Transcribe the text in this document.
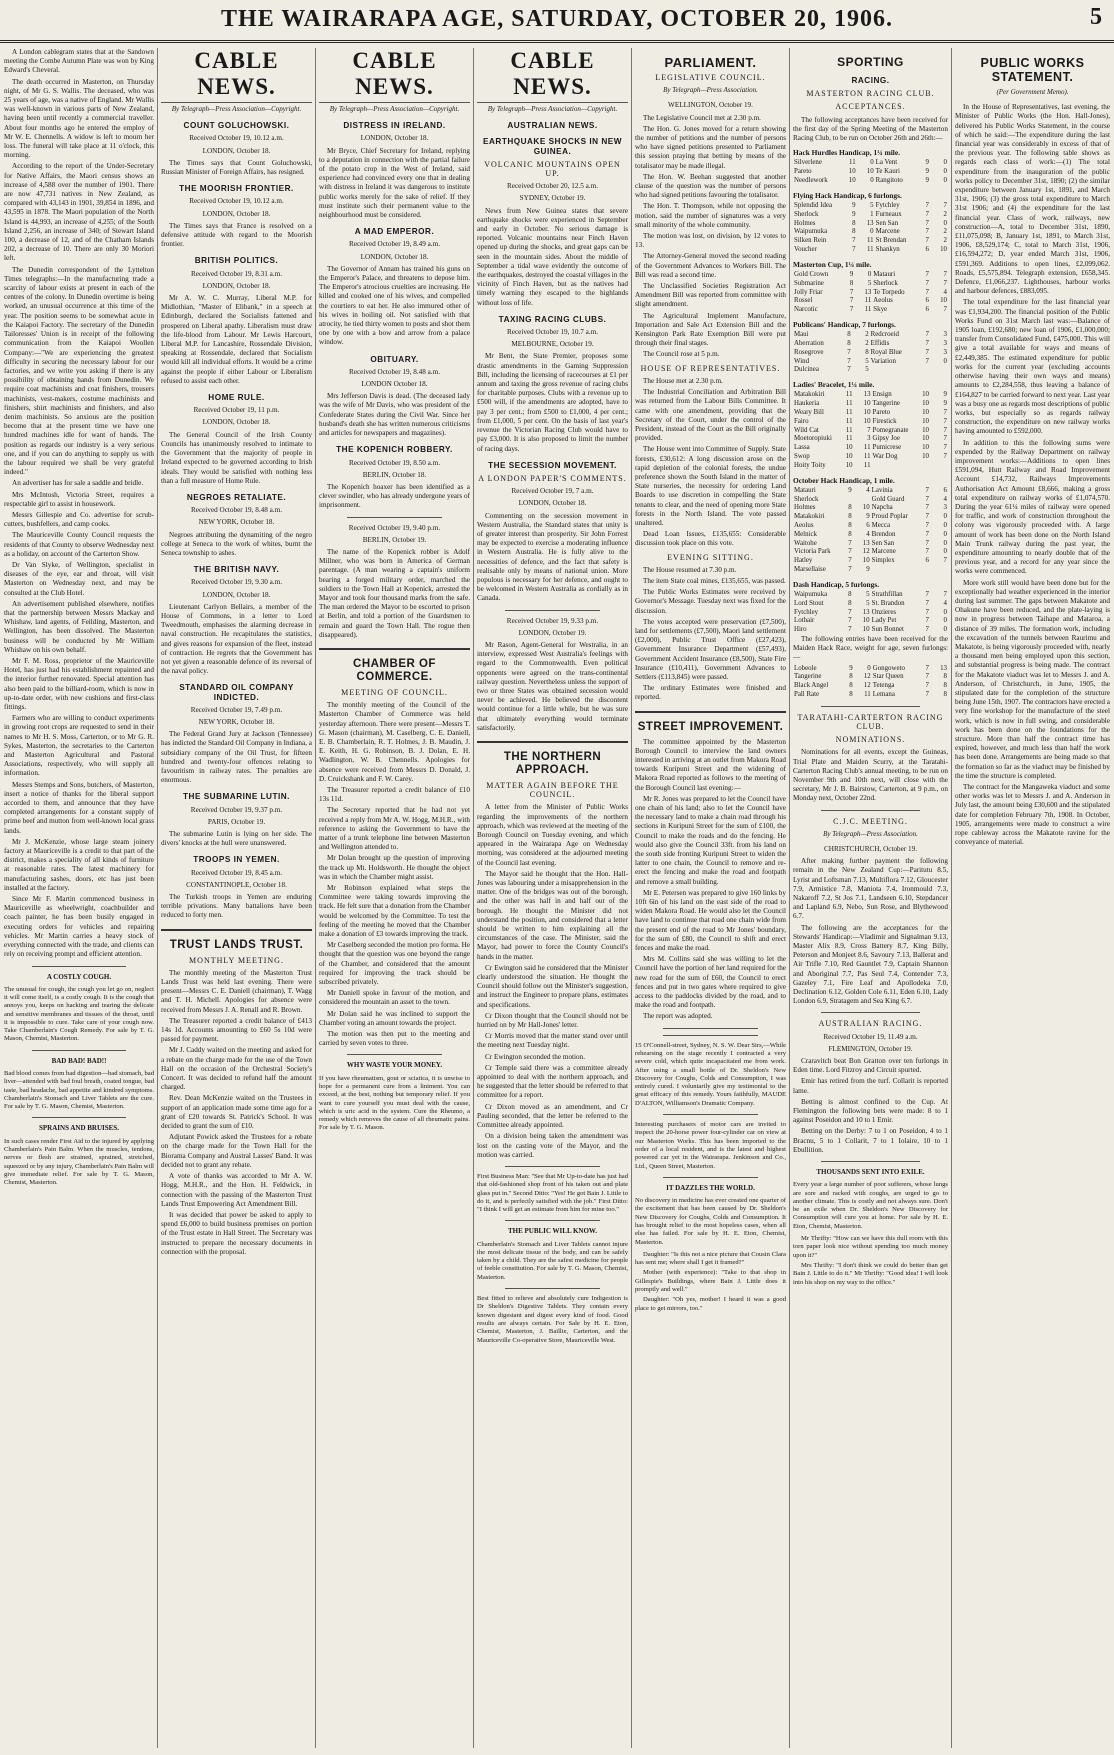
THE WAIRARAPA AGE, SATURDAY, OCTOBER 20, 1906.	5

A London cablegram states that at the Sandown meeting the Combe Autumn Plate was won by King Edward's Cheveral.

The death occurred in Masterton, on Thursday night, of Mr G. S. Wallis. The deceased, who was 25 years of age, was a native of England. Mr Wallis was well-known in various parts of New Zealand, having been until recently a commercial traveller. About four months ago he entered the employ of Mr W. E. Chennells. A widow is left to mourn her loss. The funeral will take place at 11 o'clock, this morning.

According to the report of the Under-Secretary for Native Affairs, the Maori census shows an increase of 4,588 over the number of 1901. There are now 47,731 natives in New Zealand, as compared with 43,143 in 1901, 39,854 in 1896, and 43,595 in 1878. The Maori population of the North Island is 44,993, an increase of 4,255; of the South Island 2,256, an increase of 340; of Stewart Island 100, a decrease of 12, and of the Chatham Islands 202, a decrease of 10. There are only 30 Moriori left.

The Dunedin correspondent of the Lyttelton Times telegraphs:—In the manufacturing trade a scarcity of labour exists at present in each of the centres of the colony. In Dunedin overtime is being worked, an unusual occurrence at this time of the year. The position seems to be somewhat acute in the Kaiapoi Factory. The secretary of the Dunedin Tailoresses' Union is in receipt of the following communication from the Kaiapoi Woollen Company:—"We are experiencing the greatest difficulty in securing the necessary labour for our factories, and we write you asking if there is any possibility of obtaining hands from Dunedin. We require coat machinists and coat finishers, trousers machinists, vest-makers, costume machinists and finishers, shirt machinists and finishers, and also denim machinists. So anxious are the position become that at the present time we have one hundred machines idle for want of hands. The position as regards our industry is a very serious one, and if you can do anything to supply us with the labour required we shall be very grateful indeed."

An advertiser has for sale a saddle and bridle.

Mrs McIntosh, Victoria Street, requires a respectable girl to assist in housework.

Messrs Gillespie and Co. advertise for scrub-cutters, bushfellers, and camp cooks.

The Mauriceville County Council requests the residents of that County to observe Wednesday next as a holiday, on account of the Carterton Show.

Dr Van Slyke, of Wellington, specialist in diseases of the eye, ear and throat, will visit Masterton on Wednesday next, and may be consulted at the Club Hotel.

An advertisement published elsewhere, notifies that the partnership between Messrs Mackay and Whishaw, land agents, of Feilding, Masterton, and Wellington, has been dissolved. The Masterton business will be conducted by Mr William Whishaw on his own behalf.

Mr F. M. Ross, proprietor of the Mauriceville Hotel, has just had his establishment repainted and the interior further renovated. Special attention has also been paid to the billiard-room, which is now in up-to-date order, with new cushions and first-class fittings.

Farmers who are willing to conduct experiments in growing root crops are requested to send in their names to Mr H. S. Moss, Carterton, or to Mr G. R. Sykes, Masterton, the secretaries to the Carterton and Masterton Agricultural and Pastoral Associations, respectively, who will supply all information.

Messrs Stemps and Sons, butchers, of Masterton, insert a notice of thanks for the liberal support accorded to them, and announce that they have completed arrangements for a constant supply of prime beef and mutton from well-known local grass lands.

Mr J. McKenzie, whose large steam joinery factory at Mauriceville is a credit to that part of the district, makes a speciality of all kinds of furniture at reasonable rates. The latest machinery for manufacturing sashes, doors, etc has just been installed at the factory.

Since Mr F. Martin commenced business in Mauriceville as wheelwright, coachbuilder and coach painter, he has been busily engaged in executing orders for vehicles and repairing vehicles. Mr Martin carries a heavy stock of everything connected with the trade, and clients can rely on receiving prompt and efficient attention.

A COSTLY COUGH.
The unusual for cough, the cough you let go on, neglect it will come itself, is a costly cough. It is the cough that annoys you, keeps on hacking and tearing the delicate and sensitive membranes and tissues of the throat, until it is impossible to cure. Take care of your cough now. Take Chamberlain's Cough Remedy. For sale by T. G. Mason, Chemist, Masterton.
BAD BAD! BAD!!
Bad blood comes from bad digestion—bad stomach, bad liver—attended with bad foul breath, coated tongue, bad taste, bad headache, bad appetite and kindred symptoms. Chamberlain's Stomach and Liver Tablets are the cure. For sale by T. G. Mason, Chemist, Masterton.
SPRAINS AND BRUISES.
In such cases render First Aid to the injured by applying Chamberlain's Pain Balm. When the muscles, tendons, nerves or flesh are strained, sprained, stretched, squeezed or by any injury, Chamberlain's Pain Balm will give immediate relief. For sale by T. G. Mason, Chemist, Masterton.
CABLE NEWS.
By Telegraph—Press Association—Copyright.
COUNT GOLUCHOWSKI.
Received October 19, 10.12 a.m.
LONDON, October 18.

The Times says that Count Goluchowski, Russian Minister of Foreign Affairs, has resigned.

THE MOORISH FRONTIER.
Received October 19, 10.12 a.m.
LONDON, October 18.

The Times says that France is resolved on a defensive attitude with regard to the Moorish frontier.

BRITISH POLITICS.
Received October 19, 8.31 a.m.
LONDON, October 18.

Mr A. W. C. Murray, Liberal M.P. for Midlothian, "Master of Elibank," in a speech at Edinburgh, declared the Socialists fattened and prospered on Liberal apathy. Liberalism must draw the life-blood from Labour. Mr Lewis Harcourt, Liberal M.P. for Lancashire, Rossendale Division, speaking at Rossendale, declared that Socialism would kill all individual efforts. It would be a crime against the people if either Labour or Liberalism refused to assist each other.

HOME RULE.
Received October 19, 11 p.m.
LONDON, October 18.

The General Council of the Irish County Councils has unanimously resolved to intimate to the Government that the majority of people in Ireland expected to be governed according to Irish ideals. They would be satisfied with nothing less than a full measure of Home Rule.

NEGROES RETALIATE.
Received October 19, 8.48 a.m.
NEW YORK, October 18.

Negroes attributing the dynamiting of the negro college at Seneca to the work of whites, burnt the Seneca township to ashes.

THE BRITISH NAVY.
Received October 19, 9.30 a.m.
LONDON, October 18.

Lieutenant Carlyon Bellairs, a member of the House of Commons, in a letter to Lord Tweedmouth, emphasises the alarming decrease in naval construction. He recapitulates the statistics, and gives reasons for expansion of the fleet, instead of contraction. He regrets that the Government has not yet given a reasonable defence of its reversal of the naval policy.

STANDARD OIL COMPANY INDICTED.
Received October 19, 7.49 p.m.
NEW YORK, October 18.

The Federal Grand Jury at Jackson (Tennessee) has indicted the Standard Oil Company in Indiana, a subsidiary company of the Oil Trust, for fifteen hundred and twenty-four offences relating to favouritism in railway rates. The penalties are enormous.

THE SUBMARINE LUTIN.
Received October 19, 9.37 p.m.
PARIS, October 19.

The submarine Lutin is lying on her side. The divers' knocks at the hull were unanswered.

TROOPS IN YEMEN.
Received October 19, 8.45 a.m.
CONSTANTINOPLE, October 18.

The Turkish troops in Yemen are enduring terrible privations. Many battalions have been reduced to forty men.

TRUST LANDS TRUST.
MONTHLY MEETING.

The monthly meeting of the Masterton Trust Lands Trust was held last evening. There were present—Messrs C. E. Daniell (chairman), T. Wagg and T. H. Michell. Apologies for absence were received from Messrs J. A. Renall and R. Brown.

The Treasurer reported a credit balance of £413 14s 1d. Accounts amounting to £60 5s 10d were passed for payment.

Mr J. Caddy waited on the meeting and asked for a rebate on the charge made for the use of the Town Hall on the occasion of the Orchestral Society's Concert. It was decided to refund half the amount charged.

Rev. Dean McKenzie waited on the Trustees in support of an application made some time ago for a grant of £20 towards St. Patrick's School. It was decided to grant the sum of £10.

Adjutant Powick asked the Trustees for a rebate on the charge made for the Town Hall for the Biorama Company and Austral Lasses' Band. It was decided not to grant any rebate.

A vote of thanks was accorded to Mr A. W. Hogg, M.H.R., and the Hon. H. Feldwick, in connection with the passing of the Masterton Trust Lands Trust Empowering Act Amendment Bill.

It was decided that power be asked to apply to spend £6,000 to build business premises on portion of the Trust estate in Hall Street. The Secretary was instructed to prepare the necessary documents in connection with the proposal.

CABLE NEWS.
By Telegraph—Press Association—Copyright.
DISTRESS IN IRELAND.
LONDON, October 18.

Mr Bryce, Chief Secretary for Ireland, replying to a deputation in connection with the partial failure of the potato crop in the West of Ireland, said experience had convinced every one that in dealing with distress in Ireland it was dangerous to institute public works merely for the sake of relief. If they must institute such their permanent value to the neighbourhood must be considered.

A MAD EMPEROR.
Received October 19, 8.49 a.m.
LONDON, October 18.

The Governor of Annam has trained his guns on the Emperor's Palace, and threatens to depose him. The Emperor's atrocious cruelties are increasing. He killed and cooked one of his wives, and compelled the courtiers to eat her. He also immured other of his wives in boiling oil. Not satisfied with that atrocity, he tied thirty women to posts and shot them one by one with a bow and arrow from a palace window.

OBITUARY.
Received October 19, 8.48 a.m.
LONDON October 18.

Mrs Jefferson Davis is dead. (The deceased lady was the wife of Mr Davis, who was president of the Confederate States during the Civil War. Since her husband's death she has written numerous criticisms and articles for newspapers and magazines).

THE KOPENICH ROBBERY.
Received October 19, 8.50 a.m.
BERLIN, October 18.

The Kopenich hoaxer has been identified as a clever swindler, who has already undergone years of imprisonment.

Received October 19, 9.40 p.m.
BERLIN, October 19.

The name of the Kopenick robber is Adolf Millner, who was born in America of German parentage. (A man wearing a captain's uniform bearing a forged military order, marched the soldiers to the Town Hall at Kopenick, arrested the Mayor and took four thousand marks from the safe. The man ordered the Mayor to be escorted to prison at Berlin, and told a portion of the Guardsmen to remain and guard the Town Hall. The rogue then disappeared).

CHAMBER OF COMMERCE.
MEETING OF COUNCIL.

The monthly meeting of the Council of the Masterton Chamber of Commerce was held yesterday afternoon. There were present—Messrs T. G. Mason (chairman), M. Caselberg, C. E. Daniell, E. B. Chamberlain, R. T. Holmes, J. B. Maudin, J. E. Keith, H. G. Robinson, B. J. Dolan, E. H. Wadlington, W. B. Chennells. Apologies for absence were received from Messrs D. Donald, J. D. Cruickshank and F. W. Carey.

The Treasurer reported a credit balance of £10 13s 11d.

The Secretary reported that he had not yet received a reply from Mr A. W. Hogg, M.H.R., with reference to asking the Government to have the matter of a trunk telephone line between Masterton and Wellington attended to.

Mr Dolan brought up the question of improving the track up Mt. Holdsworth. He thought the object was in which the Chamber might assist.

Mr Robinson explained what steps the Committee were taking towards improving the track. He felt sure that a donation from the Chamber would be welcomed by the Committee. To test the feeling of the meeting he moved that the Chamber make a donation of £3 towards improving the track.

Mr Caselberg seconded the motion pro forma. He thought that the question was one beyond the range of the Chamber, and considered that the amount required for improving the track should be subscribed privately.

Mr Daniell spoke in favour of the motion, and considered the mountain an asset to the town.

Mr Dolan said he was inclined to support the Chamber voting an amount towards the project.

The motion was then put to the meeting and carried by seven votes to three.

WHY WASTE YOUR MONEY.
If you have rheumatism, gout or sciatica, it is unwise to hope for a permanent cure from a liniment. You can exceed, at the best, nothing but temporary relief. If you want to cure yourself you must deal with the cause, which is uric acid in the system. Cure the Rheumo, a remedy which removes the cause of all rheumatic pains. For sale by T. G. Mason.
CABLE NEWS.
By Telegraph—Press Association—Copyright.
AUSTRALIAN NEWS.
EARTHQUAKE SHOCKS IN NEW GUINEA.
VOLCANIC MOUNTAINS OPEN UP.
Received October 20, 12.5 a.m.
SYDNEY, October 19.

News from New Guinea states that severe earthquake shocks were experienced in September and early in October. No serious damage is reported. Volcanic mountains near Finch Haven opened up during the shocks, and great gaps can be seen in the mountain sides. About the middle of September a tidal wave evidently the outcome of the earthquakes, destroyed the coastal villages in the vicinity of Finch Haven, but as the natives had timely warning they escaped to the highlands without loss of life.

TAXING RACING CLUBS.
Received October 19, 10.7 a.m.
MELBOURNE, October 19.

Mr Bent, the State Premier, proposes some drastic amendments in the Gaming Suppression Bill, including the licensing of racecourses at £1 per annum and taxing the gross revenue of racing clubs for charitable purposes. Clubs with a revenue up to £500 will, if the amendments are adopted, have to pay 3 per cent.; from £500 to £1,000, 4 per cent.; from £1,000, 5 per cent. On the basis of last year's revenue the Victorian Racing Club would have to pay £3,000. It is also proposed to limit the number of racing days.

THE SECESSION MOVEMENT.
A LONDON PAPER'S COMMENTS.
Received October 19, 7 a.m.
LONDON, October 18.

Commenting on the secession movement in Western Australia, the Standard states that unity is of greater interest than prosperity. Sir John Forrest may be expected to exercise a moderating influence in Western Australia. He is fully alive to the necessities of defence, and the fact that safety is realisable only by means of national union. More populous is necessary for her defence, and ought to be welcomed in Western Australia as cordially as in Canada.

Received October 19, 9.33 p.m.
LONDON, October 19.

Mr Rason, Agent-General for Westralia, in an interview, expressed West Australia's feelings with regard to the Commonwealth. Even political opponents were agreed on the trans-continental railway question. Nevertheless unless the support of two or three States was obtained secession would never be achieved. He believed the discontent would continue for a little while, but he was sure that ultimately everything would terminate satisfactorily.

THE NORTHERN APPROACH.
MATTER AGAIN BEFORE THE COUNCIL.

A letter from the Minister of Public Works regarding the improvements of the northern approach, which was reviewed at the meeting of the Borough Council on Tuesday evening, and which appeared in the Wairarapa Age on Wednesday morning, was considered at the adjourned meeting of the Council last evening.

The Mayor said he thought that the Hon. Hall-Jones was labouring under a misapprehension in the matter. One of the bridges was out of the borough, and the other was half in and half out of the borough. He thought the Minister did not understand the position, and considered that a letter should be written to him explaining all the circumstances of the case. The Minister, said the Mayor, had power to force the County Council's hands in the matter.

Cr Ewington said he considered that the Minister clearly understood the situation. He thought the Council should follow out the Minister's suggestion, and instruct the Engineer to prepare plans, estimates and specifications.

Cr Dixon thought that the Council should not be hurried on by Mr Hall-Jones' letter.

Cr Morris moved that the matter stand over until the meeting next Tuesday night.

Cr Ewington seconded the motion.

Cr Temple said there was a committee already appointed to deal with the northern approach, and he suggested that the letter should be referred to that committee for a report.

Cr Dixon moved as an amendment, and Cr Pauling seconded, that the letter be referred to the Committee already appointed.

On a division being taken the amendment was lost on the casting vote of the Mayor, and the motion was carried.

First Business Man: "See that Mr Up-to-date has just had that old-fashioned shop front of his taken out and plate glass put in." Second Ditto: "Yes! He got Bain J. Little to do it, and is perfectly satisfied with the job." First Ditto: "I think I will get an estimate from him for mine too."
THE PUBLIC WILL KNOW.
Chamberlain's Stomach and Liver Tablets cannot injure the most delicate tissue of the body, and can be safely taken by a child. They are the safest medicine for people of feeble constitution. For sale by T. G. Mason, Chemist, Masterton.
Best fitted to relieve and absolutely cure Indigestion is Dr Sheldon's Digestive Tablets. They contain every known digestant and digest every kind of food. Good results are always certain. For Sale by H. E. Eton, Chemist, Masterton, J. Baillie, Carterton, and the Mauriceville Co-operative Store, Mauriceville West.
PARLIAMENT.
LEGISLATIVE COUNCIL.
By Telegraph—Press Association.
WELLINGTON, October 19.

The Legislative Council met at 2.30 p.m.

The Hon. G. Jones moved for a return showing the number of petitions and the number of persons who have signed petitions presented to Parliament this session praying that betting by means of the totalisator may be made illegal.

The Hon. W. Beehan suggested that another clause of the question was the number of persons who had signed petitions favouring the totalisator.

The Hon. T. Thompson, while not opposing the motion, said the number of signatures was a very small minority of the whole community.

The motion was lost, on division, by 12 votes to 13.

The Attorney-General moved the second reading of the Government Advances to Workers Bill. The Bill was read a second time.

The Unclassified Societies Registration Act Amendment Bill was reported from committee with slight amendment.

The Agricultural Implement Manufacture, Importation and Sale Act Extension Bill and the Kensington Park Rate Exemption Bill were put through their final stages.

The Council rose at 5 p.m.

HOUSE OF REPRESENTATIVES.

The House met at 2.30 p.m.

The Industrial Conciliation and Arbitration Bill was returned from the Labour Bills Committee. It came with one amendment, providing that the Secretary of the Court, under the control of the President, instead of the Court as the Bill originally provided.

The House went into Committee of Supply. State forests, £30,612: A long discussion arose on the rapid depletion of the colonial forests, the undue preference shown the South Island in the matter of State nurseries, the necessity for ordering Land Boards to use discretion in compelling the State tenants to clear, and the need of opening more State forests in the North Island. The vote passed unaltered.

Dead Loan Issues, £135,655: Considerable discussion took place on this vote.

EVENING SITTING.

The House resumed at 7.30 p.m.

The item State coal mines, £135,655, was passed.

The Public Works Estimates were received by Governor's Message. Tuesday next was fixed for the discussion.

The votes accepted were preservation (£7,500), land for settlements (£7,500), Maori land settlement (£2,000), Public Trust Office (£27,423), Government Insurance Department (£57,493), Government Accident Insurance (£8,500), State Fire Insurance (£10,411), Government Advances to Settlers (£113,845) were passed.

The ordinary Estimates were finished and reported.

STREET IMPROVEMENT.

The committee appointed by the Masterton Borough Council to interview the land owners interested in arriving at an outlet from Makora Road towards Kuripuni Street and the widening of Makora Road reported as follows to the meeting of the Borough Council last evening:—

Mr R. Jones was prepared to let the Council have one chain of his land; also to let the Council have the necessary land to make a chain road through his sections in Kuripuni Street for the sum of £100, the Council to make the roads and do the fencing. He would also give the Council 33ft. from his land on the south side fronting Kuripuni Street to widen the latter to one chain, the Council to remove and re-erect the fencing and make the road and footpath and remove a small building.

Mr E. Petersen was prepared to give 160 links by 10ft 6in of his land on the east side of the road to widen Makora Road. He would also let the Council have land to continue that road one chain wide from the present end of the road to Mr Jones' boundary, for the sum of £80, the Council to shift and erect fences and make the road.

Mrs M. Collins said she was willing to let the Council have the portion of her land required for the new road for the sum of £60, the Council to erect fences and put in two gates where required to give access to the paddocks divided by the road, and to make the road and footpath.

The report was adopted.

15 O'Connell-street, Sydney, N. S. W. Dear Sirs,—While rehearsing on the stage recently I contracted a very severe cold, which quite incapacitated me from work. After using a small bottle of Dr. Sheldon's New Discovery for Coughs, Colds and Consumption, I was entirely cured. I voluntarily give my testimonial to the great efficacy of this remedy. Yours faithfully, MAUDE D'ALTON, Williamson's Dramatic Company.
Interesting purchasers of motor cars are invited to inspect the 20-horse power four-cylinder car on view at our Masterton Works. This has been imported to the order of a local resident, and is the latest and highest powered car yet in the Wairarapa. Jenkinson and Co., Ltd., Queen Street, Masterton.
IT DAZZLES THE WORLD.
No discovery in medicine has ever created one quarter of the excitement that has been caused by Dr. Sheldon's New Discovery for Coughs, Colds and Consumption. It has brought relief to the most hopeless cases, when all else has failed. For sale by H. E. Eton, Chemist, Masterton.

Daughter: "Is this not a nice picture that Cousin Clara has sent me; where shall I get it framed?"

Mother (with experience): "Take to that shop in Gillespie's Buildings, where Bain J. Little does it promptly and well."

Daughter: "Oh yes, mother! I heard it was a good place to get mirrors, too."

SPORTING
RACING.
MASTERTON RACING CLUB.
ACCEPTANCES.

The following acceptances have been received for the first day of the Spring Meeting of the Masterton Racing Club, to be run on October 26th and 26th:—

Hack Hurdles Handicap, 1¼ mile.
Silverlene	11	0	La Vent	9	0
Pareto	10	10	Te Kauri	9	0
Needlework	10	0	Rangitoto	9	0
Flying Hack Handicap, 6 furlongs.
Splendid Idea	9	5	Fytchley	7	7
Sherlock	9	1	Furneaux	7	2
Holmes	8	13	Sen San	7	0
Waipumuka	8	0	Marcene	7	2
Silken Rein	7	11	St Brendan	7	2
Voucher	7	11	Shankyn	6	10
Masterton Cup, 1¼ mile.
Gold Crown	9	0	Matauri	7	7
Submarine	8	5	Sherlock	7	7
Jolly Friar	7	13	Te Torpedo	7	4
Rossel	7	11	Aeolus	6	10
Narcotic	7	11	Skye	6	7
Publicans' Handicap, 7 furlongs.
Maui	8	2	Redcroeid	7	3
Aberration	8	2	Effidis	7	3
Rosegrove	7	8	Royal Blue	7	3
Wind	7	5	Variation	7	0
Dulcinea	7	5			
Ladies' Bracelet, 1¼ mile.
Matakokiri	11	13	Ensign	10	9
Haukeria	11	10	Tangerine	10	9
Weary Bill	11	10	Pareto	10	7
Fairo	11	10	Firestick	10	7
Wild Cat	11	7	Pomegranate	10	7
Moetoropiuki	11	3	Gipsy Joe	10	7
Lassa	10	11	Pumicrese	10	7
Swop	10	11	War Dog	10	7
Hoity Toity	10	11			
October Hack Handicap, 1 mile.
Matauri	9	4	Lavinia	7	6
Sherlock			Gold Guard	7	4
Holmes	8	10	Napcha	7	3
Matakokiri	8	9	Proud Poplar	7	0
Aeolus	8	6	Mecca	7	0
Melnick	8	4	Brendon	7	0
Waitohe	7	13	Sen San	7	0
Victoria Park	7	12	Marcene	7	0
Hatley	7	10	Simplex	6	7
Marsellaise	7	9			
Dash Handicap, 5 furlongs.
Waipumuka	8	5	Strathfillan	7	7
Lord Stout	8	5	St. Brandon	7	4
Fytchley	7	13	Onzieres	7	0
Lothair	7	10	Lady Pet	7	0
Hiro	7	10	Sun Bonnet	7	0

The following entries have been received for the Maiden Hack Race, weight for age, seven furlongs:—

Lobeole	9	0	Gongoweto	7	13
Tangerine	8	12	Star Queen	7	8
Black Angel	8	12	Tetenga	7	8
Pall Rate	8	11	Lemana	7	8
TARATAHI-CARTERTON RACING CLUB.
NOMINATIONS.

Nominations for all events, except the Guineas, Trial Plate and Maiden Scurry, at the Taratahi-Carterton Racing Club's annual meeting, to be run on November 9th and 10th next, will close with the secretary, Mr J. B. Bairstow, Carterton, at 9 p.m., on Monday next, October 22nd.

C.J.C. MEETING.
By Telegraph—Press Association.
CHRISTCHURCH, October 19.

After making further payment the following remain in the New Zealand Cup:—Paritutu 8.5, Lyrist and Loftsman 7.13, Multiflora 7.12, Gloucester 7.9, Armistice 7.8, Maniota 7.4, Ironmould 7.3, Nakaroff 7.2, St Jos 7.1, Landseen 6.10, Stepdancer and Lapland 6.9, Nebo, Sun Rose, and Blythewood 6.7.

The following are the acceptances for the Stewards' Handicap:—Vladimir and Signalman 9.13, Master Alix 8.9, Cross Battery 8.7, King Billy, Peterson and Monjeet 8.6, Savoury 7.13, Ballerat and Air Trifle 7.10, Red Gauntlet 7.9, Captain Shannon and Aboriginal 7.7, Pas Seul 7.4, Contender 7.3, Gazeley 7.1, Fire Leaf and Apollodeka 7.0, Declination 6.12, Golden Cole 6.11, Eden 6.10, Lady London 6.9, Stratagem and Sea King 6.7.

AUSTRALIAN RACING.
Received October 19, 11.49 a.m.
FLEMINGTON, October 19.

Craravitch beat Bon Gratton over ten furlongs in Eden time. Lord Fitzroy and Circuit spurted.

Emir has retired from the turf. Collarit is reported lame.

Betting is almost confined to the Cup. At Flemington the following bets were made: 8 to 1 against Poseidon and 10 to 1 Emir.

Betting on the Derby: 7 to 1 on Poseidon, 4 to 1 Bracnu, 5 to 1 Collarit, 7 to 1 Iolaire, 10 to 1 Ebullition.

THOUSANDS SENT INTO EXILE.
Every year a large number of poor sufferers, whose lungs are sore and racked with coughs, are urged to go to another climate. This is costly and not always sure. Don't be an exile when Dr. Sheldon's New Discovery for Consumption will cure you at home. For sale by H. E. Eton, Chemist, Masterton.

Mr Thrifty: "How can we have this dull room with this torn paper look nice without spending too much money upon it?"

Mrs Thrifty: "I don't think we could do better than get Bain J. Little to do it." Mr Thrifty: "Good idea! I will look into his shop on my way to the office."

PUBLIC WORKS STATEMENT.
(Per Government Memo).

In the House of Representatives, last evening, the Minister of Public Works (the Hon. Hall-Jones), delivered his Public Works Statement, in the course of which he said:—The expenditure during the last financial year was considerably in excess of that of the previous year. The following table shows as regards each class of work:—(1) The total expenditure from the inauguration of the public works policy to December 31st, 1890; (2) the similar expenditure between January 1st, 1891, and March 31st, 1906; (3) the gross total expenditure to March 31st 1906; and (4) the expenditure for the last financial year. Class of work, railways, new construction—A, total to December 31st, 1890, £11,075,098; B, January 1st, 1891, to March 31st, 1906, £8,529,174; C, total to March 31st, 1906, £16,594,272; D, year ended March 31st, 1906, £591,369. Additions to open lines, £2,099,062. Roads, £5,575,894. Telegraph extension, £658,345. Defence, £1,066,237. Lighthouses, harbour works and harbour defences, £883,095.

The total expenditure for the last financial year was £1,934,200. The financial position of the Public Works Fund on 31st March last was:—Balance of 1905 loan, £192,680; new loan of 1906, £1,000,000; transfer from Consolidated Fund, £475,000. This will give a total available for ways and means of £2,449,385. The estimated expenditure for public works for the current year (excluding accounts otherwise having their own ways and means) amounts to £2,284,558, thus leaving a balance of £164,827 to be carried forward to next year. Last year was a busy one as regards most descriptions of public works, but especially so as regards railway construction, the expenditure on new railway works having amounted to £592,000.

In addition to this the following sums were expended by the Railway Department on railway improvement works:—Additions to open lines £591,094, Hutt Railway and Road Improvement Account £14,732, Railways Improvements Authorisation Act Amount £8,666, making a gross total expenditure on railway works of £1,074,570. During the year 61¼ miles of railway were opened for traffic, and work of construction throughout the colony was vigorously proceeded with. A large amount of work has been done on the North Island Main Trunk railway during the past year, the expenditure amounting to nearly double that of the previous year, and a record for any year since the works were commenced.

More work still would have been done but for the exceptionally bad weather experienced in the interior during last summer. The gaps between Makatote and Ohakune have been reduced, and the plate-laying is now in progress between Taihape and Mataroa, a distance of 39 miles. The formation work, including the excavation of the tunnels between Raurimu and Makatote, is being vigorously proceeded with, nearly a thousand men being employed upon this section, and substantial progress is being made. The contract for the Makatote viaduct was let to Messrs J. and A. Anderson, of Christchurch, in June, 1905, the stipulated date for the completion of the structure being June 15th, 1907. The contractors have erected a very fine workshop for the manufacture of the steel work, which is now in full swing, and considerable work has been done on the foundations for the structure. More than half the contract time has expired, however, and much less than half the work has been done. Arrangements are being made so that the formation so far as the viaduct may be finished by the time the structure is completed.

The contract for the Mangaweka viaduct and some other works was let to Messrs J. and A. Anderson in July last, the amount being £30,600 and the stipulated date for completion February 7th, 1908. In October, 1905, arrangements were made to construct a wire rope cableway across the Makatote ravine for the conveyance of material.
